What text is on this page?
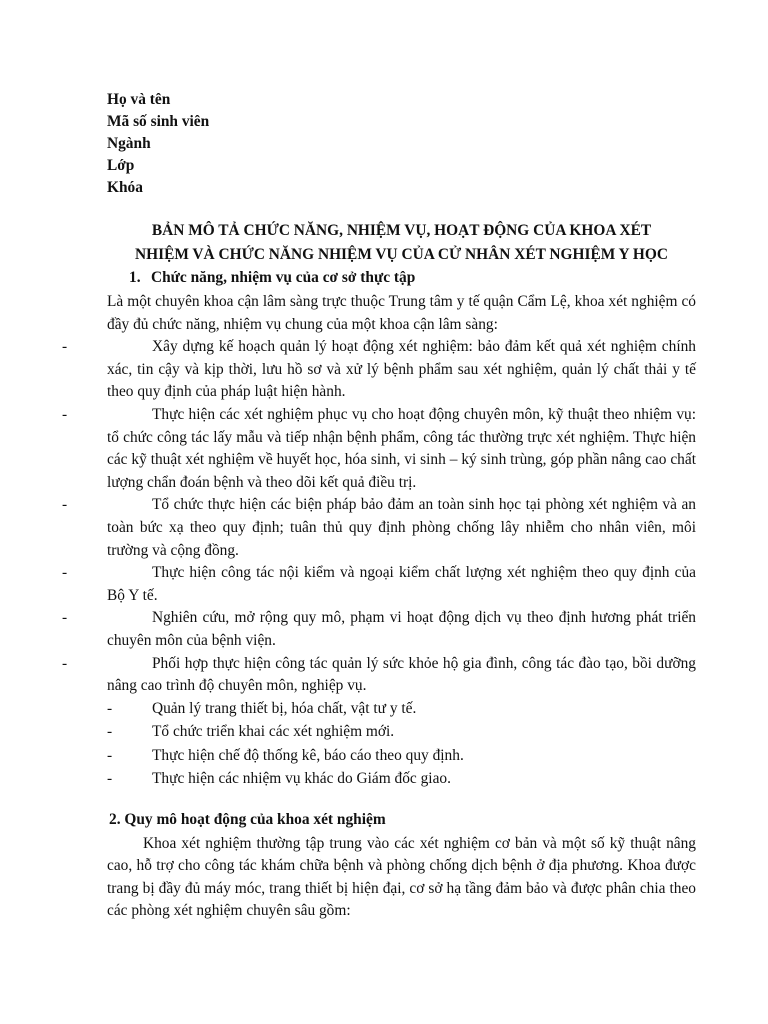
Họ và tên
Mã số sinh viên
Ngành
Lớp
Khóa
BẢN MÔ TẢ CHỨC NĂNG, NHIỆM VỤ, HOẠT ĐỘNG CỦA KHOA XÉT
NHIỆM VÀ CHỨC NĂNG NHIỆM VỤ CỦA CỬ NHÂN XÉT NGHIỆM Y HỌC
1. Chức năng, nhiệm vụ của cơ sở thực tập

Là một chuyên khoa cận lâm sàng trực thuộc Trung tâm y tế quận Cẩm Lệ, khoa xét nghiệm có đầy đủ chức năng, nhiệm vụ chung của một khoa cận lâm sàng:

-	Xây dựng kế hoạch quản lý hoạt động xét nghiệm: bảo đảm kết quả xét nghiệm chính xác, tin cậy và kịp thời, lưu hồ sơ và xử lý bệnh phẩm sau xét nghiệm, quản lý chất thải y tế theo quy định của pháp luật hiện hành.

-	Thực hiện các xét nghiệm phục vụ cho hoạt động chuyên môn, kỹ thuật theo nhiệm vụ: tổ chức công tác lấy mẫu và tiếp nhận bệnh phẩm, công tác thường trực xét nghiệm. Thực hiện các kỹ thuật xét nghiệm về huyết học, hóa sinh, vi sinh – ký sinh trùng, góp phần nâng cao chất lượng chẩn đoán bệnh và theo dõi kết quả điều trị.

-	Tổ chức thực hiện các biện pháp bảo đảm an toàn sinh học tại phòng xét nghiệm và an toàn bức xạ theo quy định; tuân thủ quy định phòng chống lây nhiễm cho nhân viên, môi trường và cộng đồng.

-	Thực hiện công tác nội kiểm và ngoại kiểm chất lượng xét nghiệm theo quy định của Bộ Y tế.

-	Nghiên cứu, mở rộng quy mô, phạm vi hoạt động dịch vụ theo định hương phát triển chuyên môn của bệnh viện.

-	Phối hợp thực hiện công tác quản lý sức khỏe hộ gia đình, công tác đào tạo, bồi dưỡng nâng cao trình độ chuyên môn, nghiệp vụ.

-	Quản lý trang thiết bị, hóa chất, vật tư y tế.
-	Tổ chức triển khai các xét nghiệm mới.
-	Thực hiện chế độ thống kê, báo cáo theo quy định.
-	Thực hiện các nhiệm vụ khác do Giám đốc giao.
2. Quy mô hoạt động của khoa xét nghiệm

Khoa xét nghiệm thường tập trung vào các xét nghiệm cơ bản và một số kỹ thuật nâng cao, hỗ trợ cho công tác khám chữa bệnh và phòng chống dịch bệnh ở địa phương. Khoa được trang bị đầy đủ máy móc, trang thiết bị hiện đại, cơ sở hạ tầng đảm bảo và được phân chia theo các phòng xét nghiệm chuyên sâu gồm:
